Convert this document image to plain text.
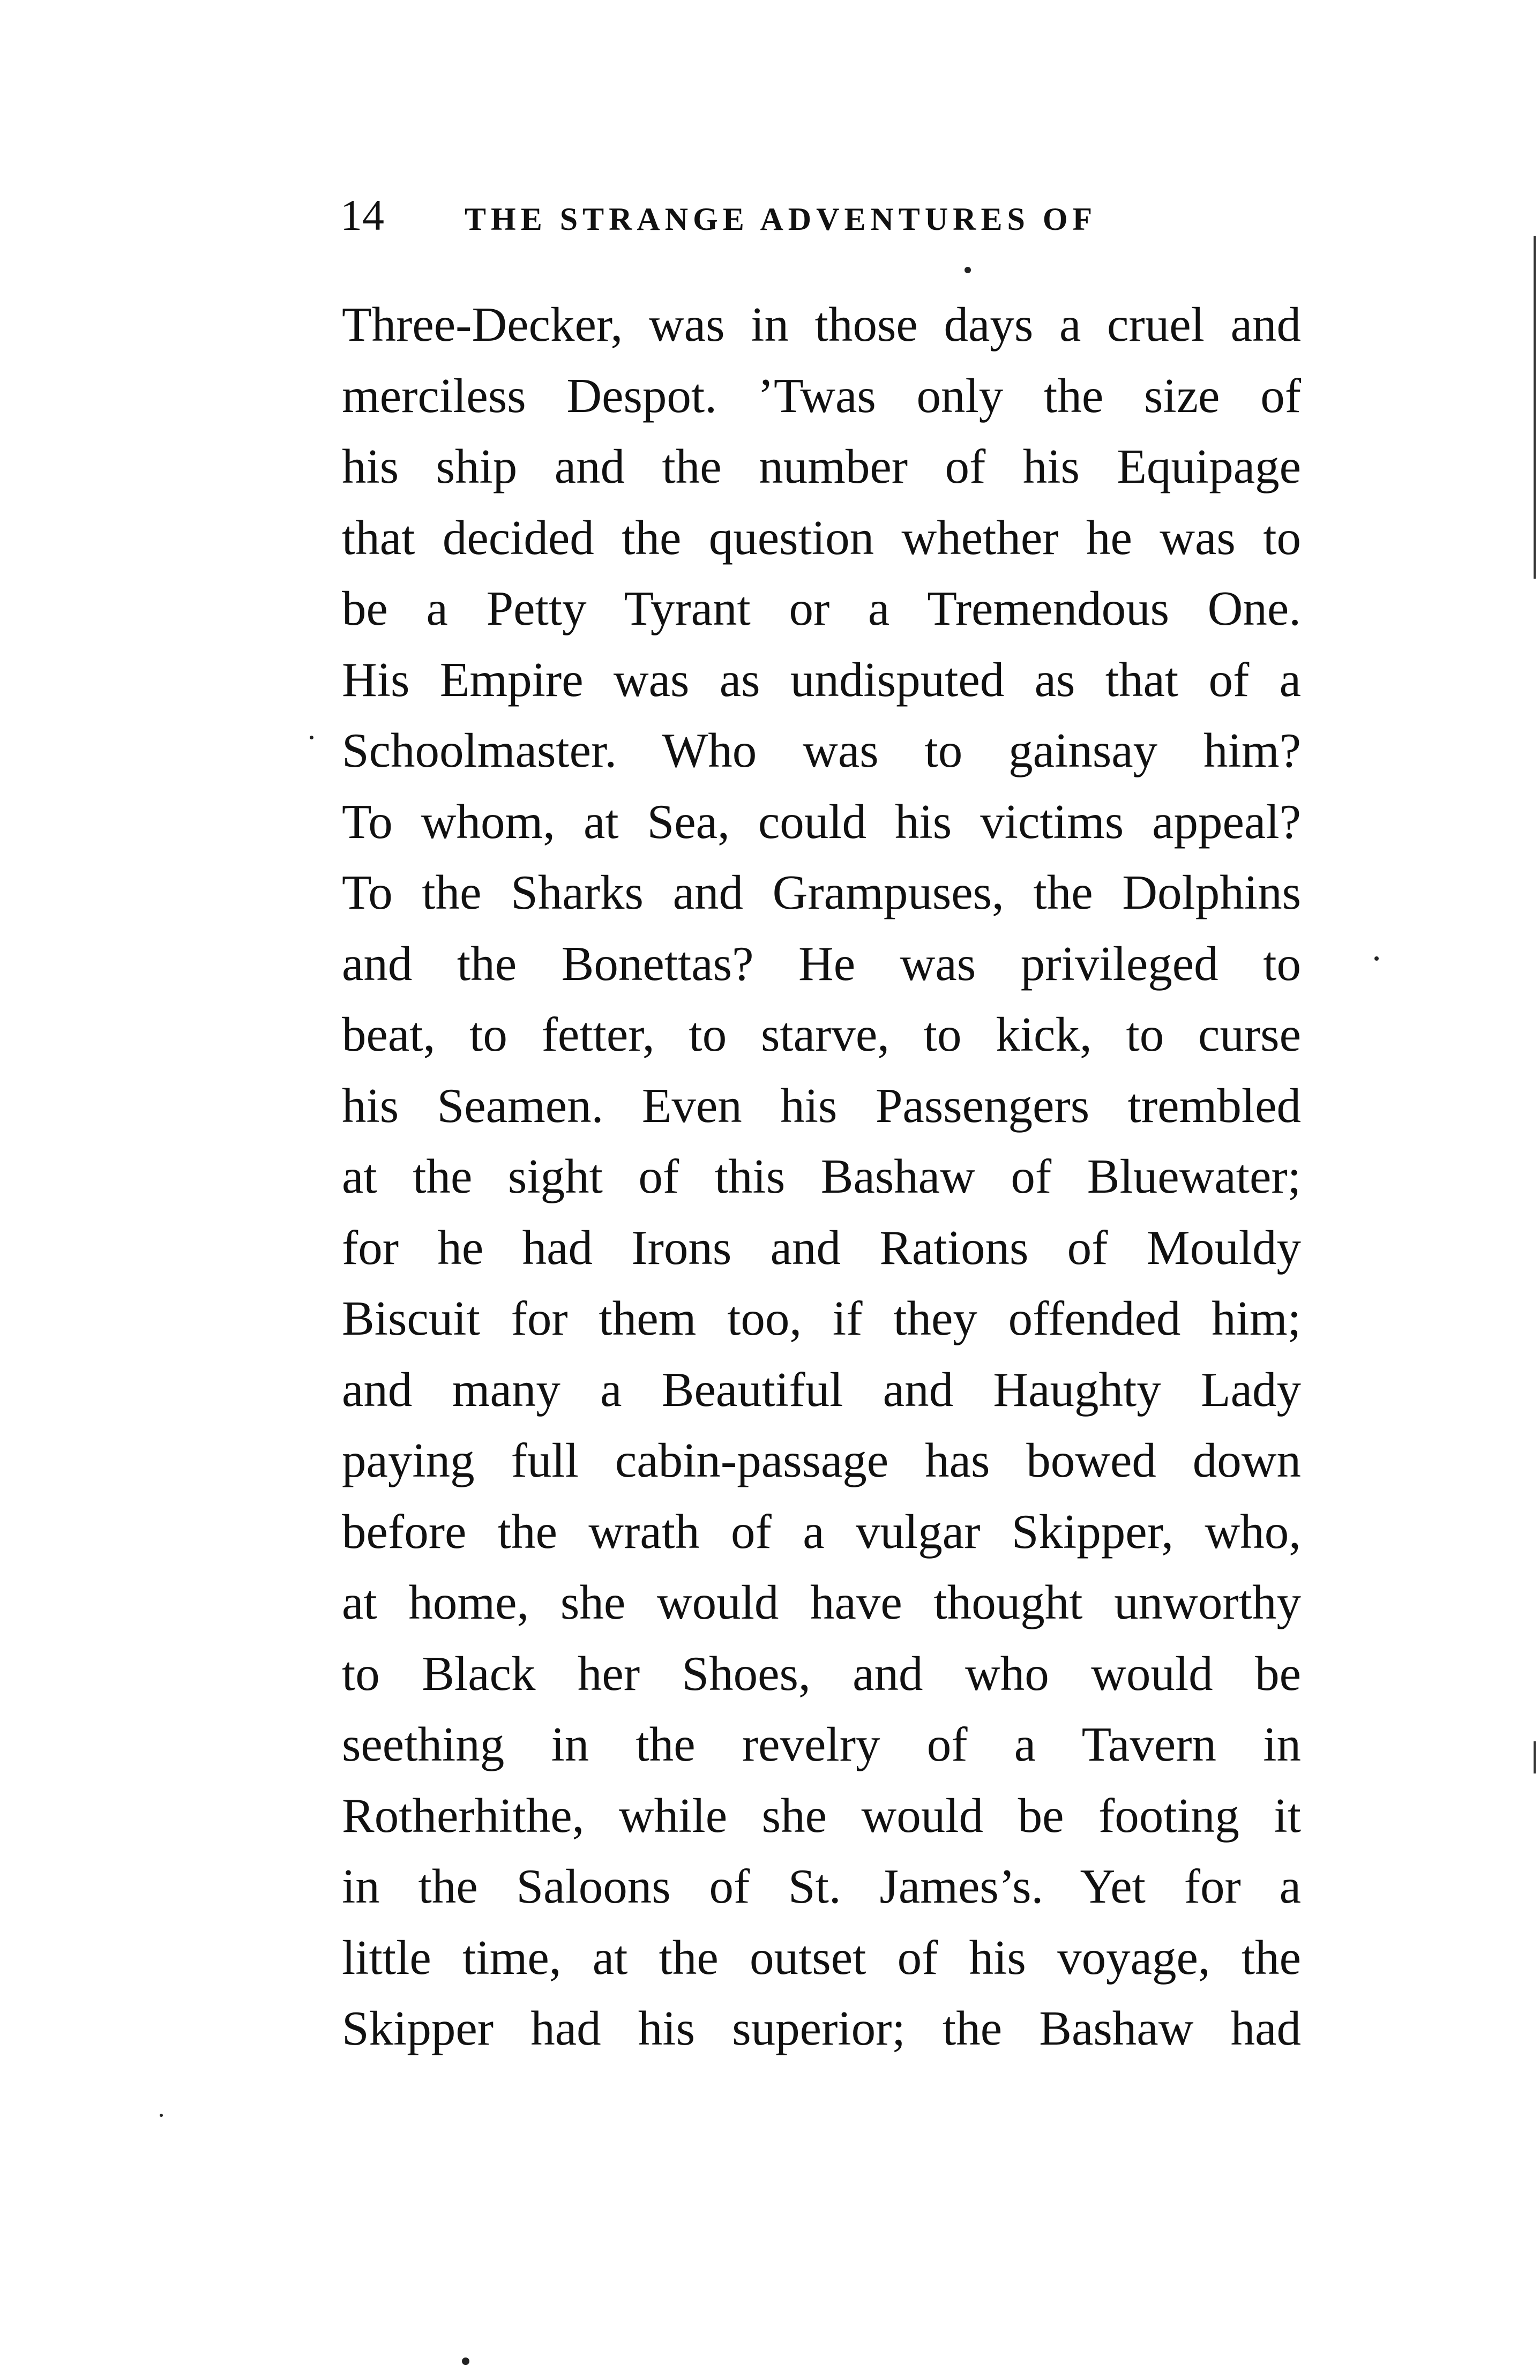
14	THE STRANGE ADVENTURES OF
Three-Decker, was in those days a cruel and
merciless Despot. ’Twas only the size of
his ship and the number of his Equipage
that decided the question whether he was to
be a Petty Tyrant or a Tremendous One.
His Empire was as undisputed as that of a
Schoolmaster. Who was to gainsay him?
To whom, at Sea, could his victims appeal?
To the Sharks and Grampuses, the Dolphins
and the Bonettas? He was privileged to
beat, to fetter, to starve, to kick, to curse
his Seamen. Even his Passengers trembled
at the sight of this Bashaw of Bluewater;
for he had Irons and Rations of Mouldy
Biscuit for them too, if they offended him;
and many a Beautiful and Haughty Lady
paying full cabin-passage has bowed down
before the wrath of a vulgar Skipper, who,
at home, she would have thought unworthy
to Black her Shoes, and who would be
seething in the revelry of a Tavern in
Rotherhithe, while she would be footing it
in the Saloons of St. James’s. Yet for a
little time, at the outset of his voyage, the
Skipper had his superior; the Bashaw had
